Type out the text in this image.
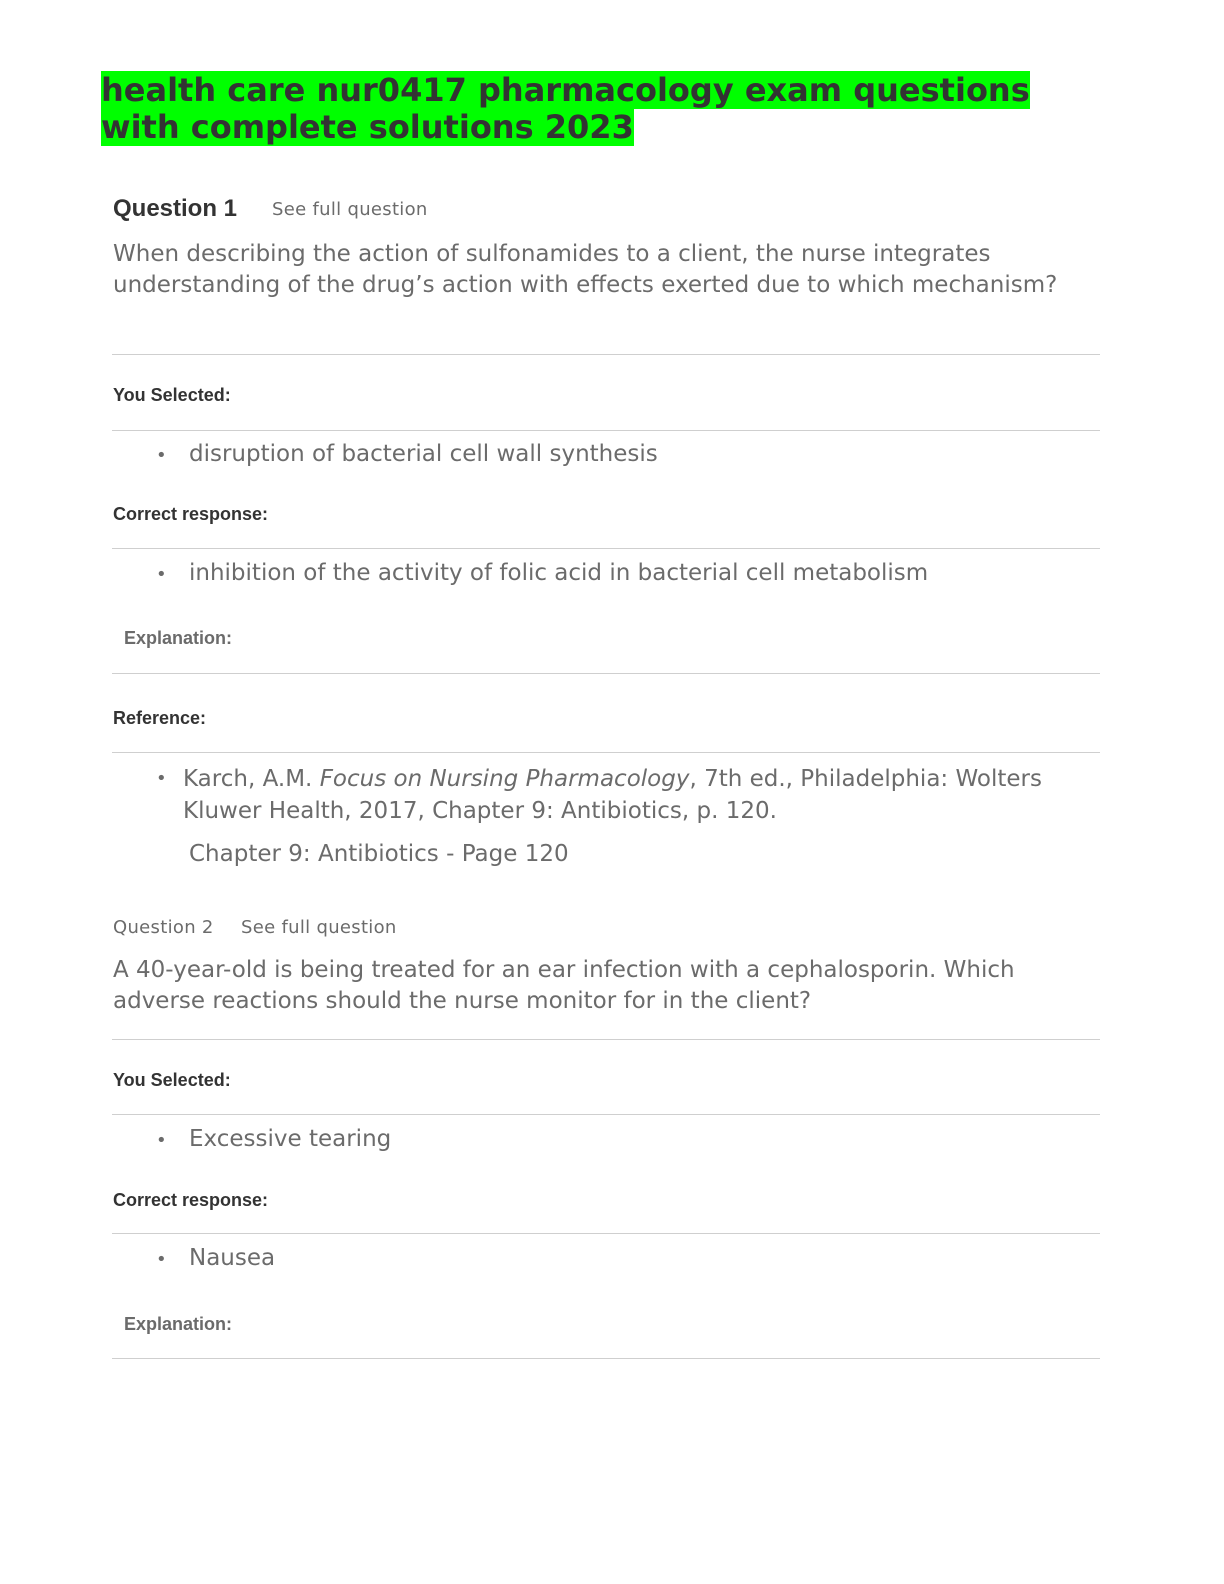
health care nur0417 pharmacology exam questions with complete solutions 2023
Question 1 See full question
When describing the action of sulfonamides to a client, the nurse integrates understanding of the drug’s action with effects exerted due to which mechanism?
You Selected:
• disruption of bacterial cell wall synthesis
Correct response:
• inhibition of the activity of folic acid in bacterial cell metabolism
Explanation:
Reference:
• Karch, A.M. Focus on Nursing Pharmacology, 7th ed., Philadelphia: Wolters Kluwer Health, 2017, Chapter 9: Antibiotics, p. 120.
Chapter 9: Antibiotics - Page 120
Question 2 See full question
A 40-year-old is being treated for an ear infection with a cephalosporin. Which adverse reactions should the nurse monitor for in the client?
You Selected:
• Excessive tearing
Correct response:
• Nausea
Explanation:
